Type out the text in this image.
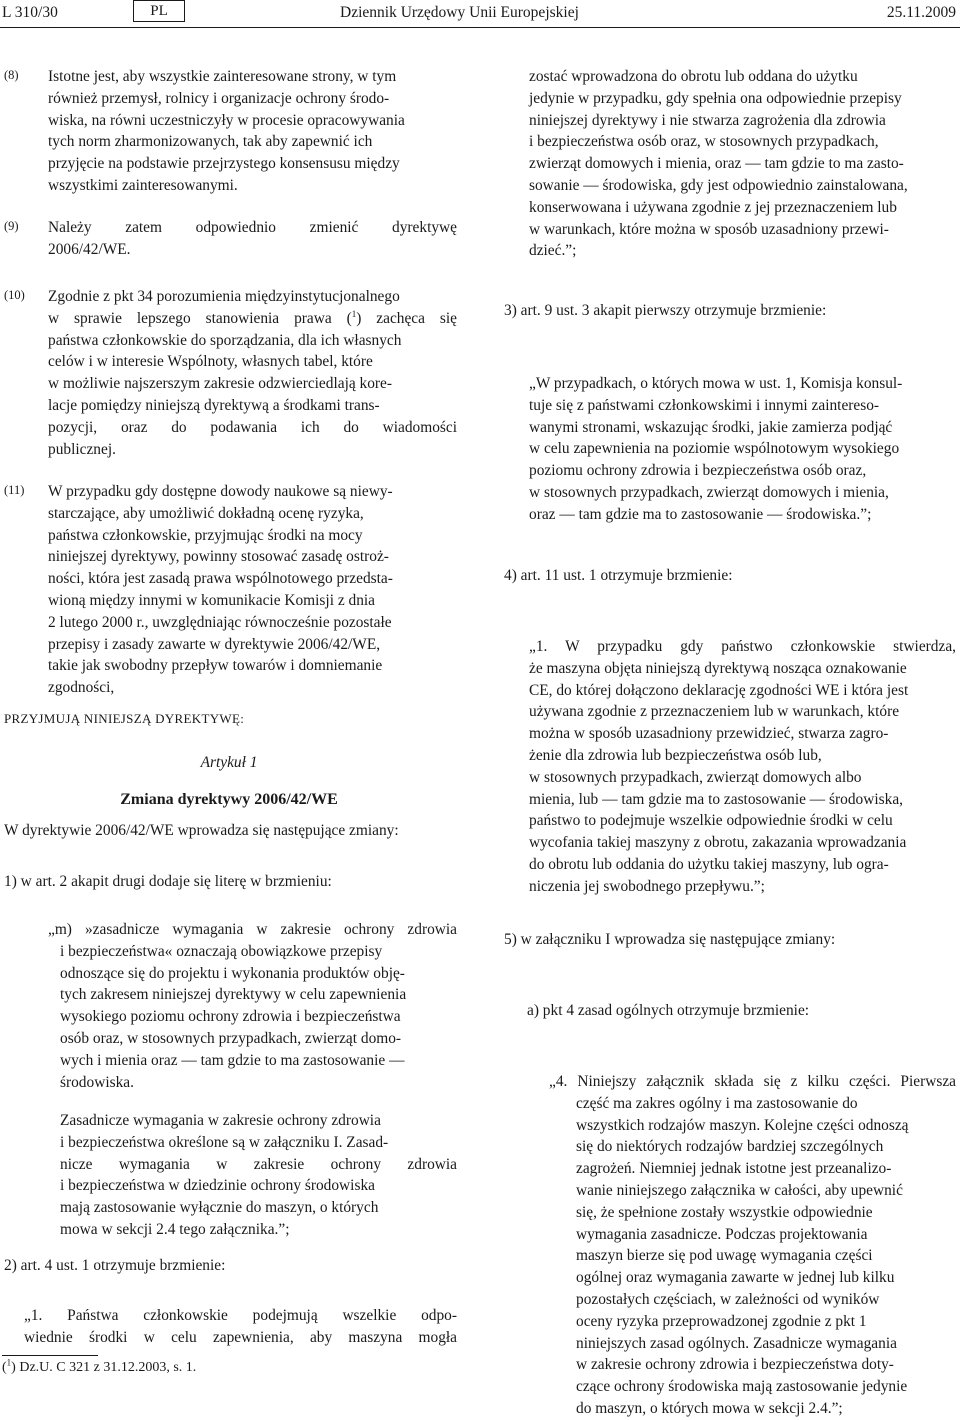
L 310/30	PL	Dziennik Urzędowy Unii Europejskiej	25.11.2009
(8) Istotne jest, aby wszystkie zainteresowane strony, w tym

również przemysł, rolnicy i organizacje ochrony środo-

wiska, na równi uczestniczyły w procesie opracowywania

tych norm zharmonizowanych, tak aby zapewnić ich

przyjęcie na podstawie przejrzystego konsensusu między

wszystkimi zainteresowanymi.

(9) Należy zatem odpowiednio zmienić dyrektywę

2006/42/WE.

(10) Zgodnie z pkt 34 porozumienia międzyinstytucjonalnego

w sprawie lepszego stanowienia prawa ($^1$) zachęca się

państwa członkowskie do sporządzania, dla ich własnych

celów i w interesie Wspólnoty, własnych tabel, które

w możliwie najszerszym zakresie odzwierciedlają kore-

lacje pomiędzy niniejszą dyrektywą a środkami trans-

pozycji, oraz do podawania ich do wiadomości

publicznej.

(11) W przypadku gdy dostępne dowody naukowe są niewy-

starczające, aby umożliwić dokładną ocenę ryzyka,

państwa członkowskie, przyjmując środki na mocy

niniejszej dyrektywy, powinny stosować zasadę ostroż-

ności, która jest zasadą prawa wspólnotowego przedsta-

wioną między innymi w komunikacie Komisji z dnia

2 lutego 2000 r., uwzględniając równocześnie pozostałe

przepisy i zasady zawarte w dyrektywie 2006/42/WE,

takie jak swobodny przepływ towarów i domniemanie

zgodności,

PRZYJMUJĄ NINIEJSZĄ DYREKTYWĘ:
Artykuł 1
Zmiana dyrektywy 2006/42/WE
W dyrektywie 2006/42/WE wprowadza się następujące zmiany:
1) w art. 2 akapit drugi dodaje się literę w brzmieniu:

„m) »zasadnicze wymagania w zakresie ochrony zdrowia

i bezpieczeństwa« oznaczają obowiązkowe przepisy

odnoszące się do projektu i wykonania produktów obję-

tych zakresem niniejszej dyrektywy w celu zapewnienia

wysokiego poziomu ochrony zdrowia i bezpieczeństwa

osób oraz, w stosownych przypadkach, zwierząt domo-

wych i mienia oraz — tam gdzie to ma zastosowanie —

środowiska.

Zasadnicze wymagania w zakresie ochrony zdrowia

i bezpieczeństwa określone są w załączniku I. Zasad-

nicze wymagania w zakresie ochrony zdrowia

i bezpieczeństwa w dziedzinie ochrony środowiska

mają zastosowanie wyłącznie do maszyn, o których

mowa w sekcji 2.4 tego załącznika.”;

2) art. 4 ust. 1 otrzymuje brzmienie:

„1. Państwa członkowskie podejmują wszelkie odpo-

wiednie środki w celu zapewnienia, aby maszyna mogła

($^1$) Dz.U. C 321 z 31.12.2003, s. 1.

zostać wprowadzona do obrotu lub oddana do użytku

jedynie w przypadku, gdy spełnia ona odpowiednie przepisy

niniejszej dyrektywy i nie stwarza zagrożenia dla zdrowia

i bezpieczeństwa osób oraz, w stosownych przypadkach,

zwierząt domowych i mienia, oraz — tam gdzie to ma zasto-

sowanie — środowiska, gdy jest odpowiednio zainstalowana,

konserwowana i używana zgodnie z jej przeznaczeniem lub

w warunkach, które można w sposób uzasadniony przewi-

dzieć.”;

3) art. 9 ust. 3 akapit pierwszy otrzymuje brzmienie:

„W przypadkach, o których mowa w ust. 1, Komisja konsul-

tuje się z państwami członkowskimi i innymi zaintereso-

wanymi stronami, wskazując środki, jakie zamierza podjąć

w celu zapewnienia na poziomie wspólnotowym wysokiego

poziomu ochrony zdrowia i bezpieczeństwa osób oraz,

w stosownych przypadkach, zwierząt domowych i mienia,

oraz — tam gdzie ma to zastosowanie — środowiska.”;

4) art. 11 ust. 1 otrzymuje brzmienie:

„1. W przypadku gdy państwo członkowskie stwierdza,

że maszyna objęta niniejszą dyrektywą nosząca oznakowanie

CE, do której dołączono deklarację zgodności WE i która jest

używana zgodnie z przeznaczeniem lub w warunkach, które

można w sposób uzasadniony przewidzieć, stwarza zagro-

żenie dla zdrowia lub bezpieczeństwa osób lub,

w stosownych przypadkach, zwierząt domowych albo

mienia, lub — tam gdzie ma to zastosowanie — środowiska,

państwo to podejmuje wszelkie odpowiednie środki w celu

wycofania takiej maszyny z obrotu, zakazania wprowadzania

do obrotu lub oddania do użytku takiej maszyny, lub ogra-

niczenia jej swobodnego przepływu.”;

5) w załączniku I wprowadza się następujące zmiany:
a) pkt 4 zasad ogólnych otrzymuje brzmienie:

„4. Niniejszy załącznik składa się z kilku części. Pierwsza

część ma zakres ogólny i ma zastosowanie do

wszystkich rodzajów maszyn. Kolejne części odnoszą

się do niektórych rodzajów bardziej szczególnych

zagrożeń. Niemniej jednak istotne jest przeanalizo-

wanie niniejszego załącznika w całości, aby upewnić

się, że spełnione zostały wszystkie odpowiednie

wymagania zasadnicze. Podczas projektowania

maszyn bierze się pod uwagę wymagania części

ogólnej oraz wymagania zawarte w jednej lub kilku

pozostałych częściach, w zależności od wyników

oceny ryzyka przeprowadzonej zgodnie z pkt 1

niniejszych zasad ogólnych. Zasadnicze wymagania

w zakresie ochrony zdrowia i bezpieczeństwa doty-

czące ochrony środowiska mają zastosowanie jedynie

do maszyn, o których mowa w sekcji 2.4.”;
